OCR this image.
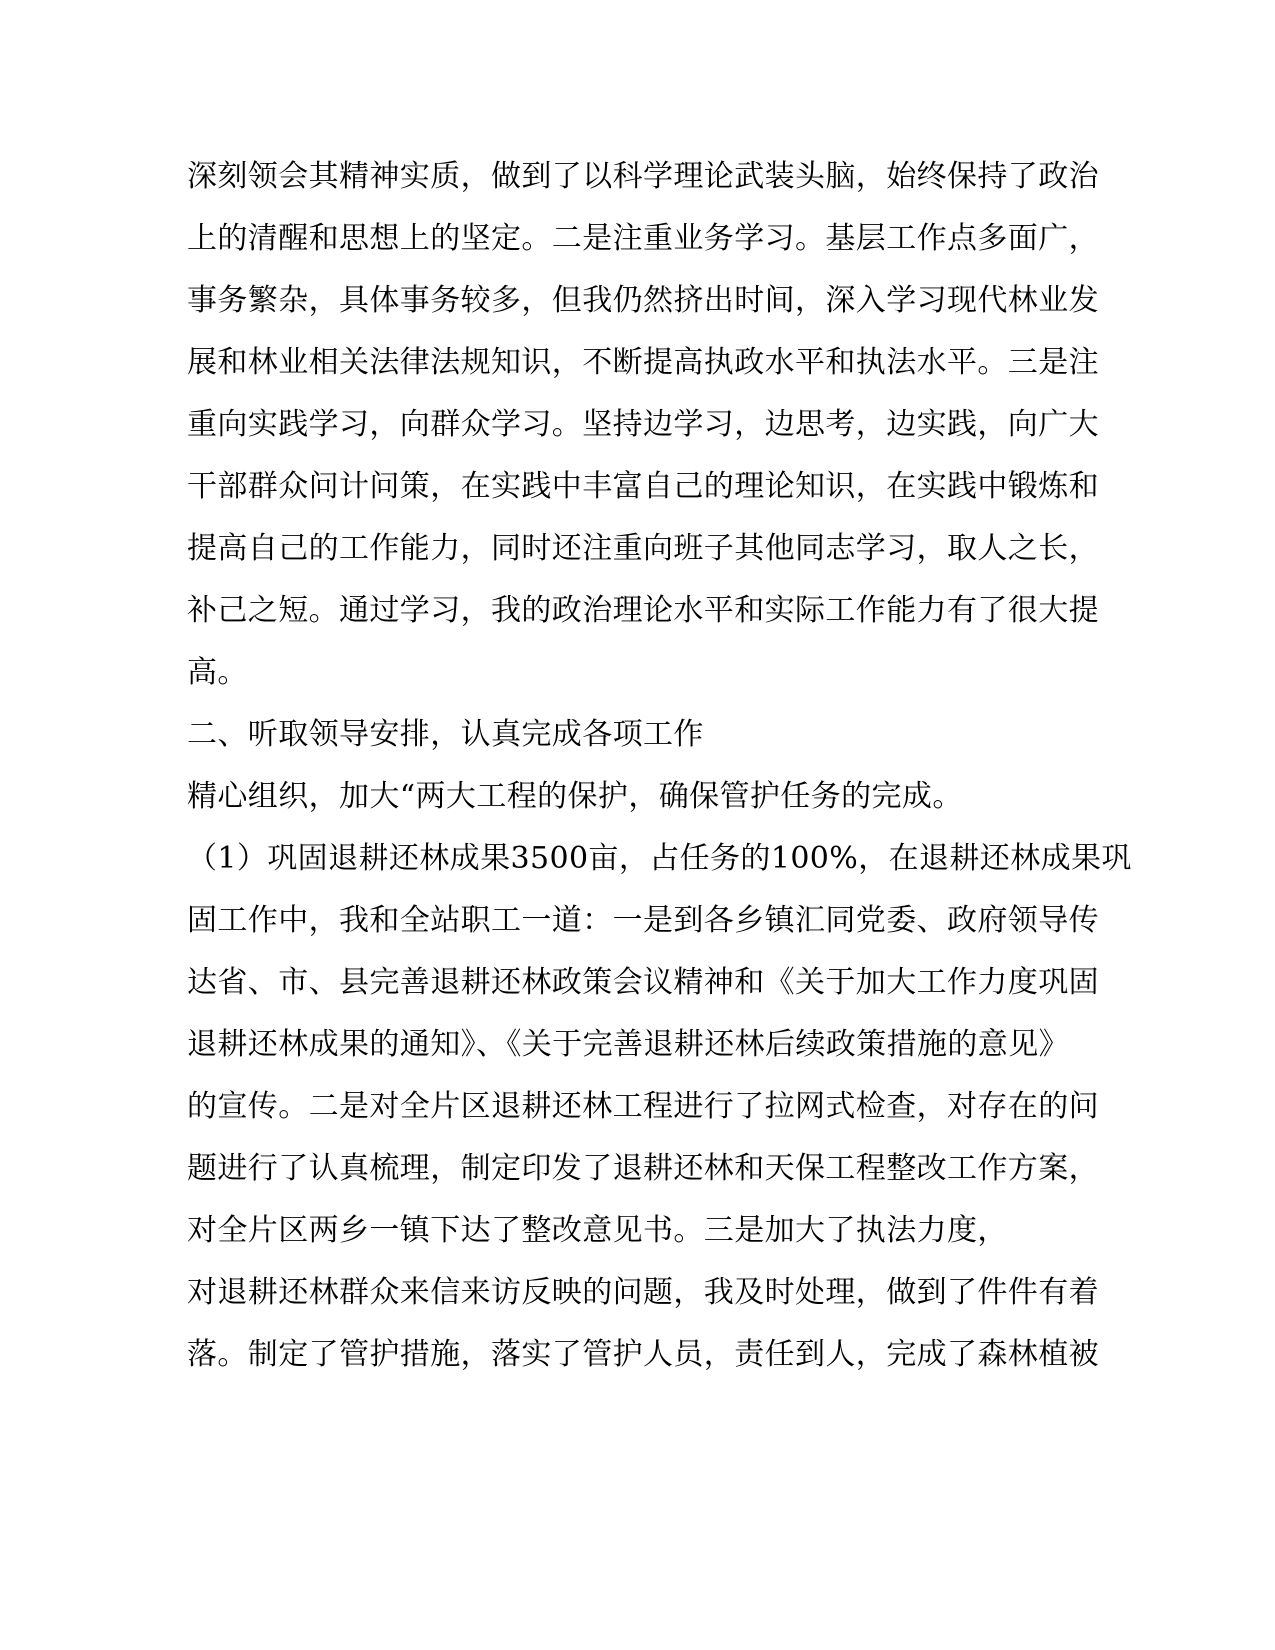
深刻领会其精神实质，做到了以科学理论武装头脑，始终保持了政治
上的清醒和思想上的坚定。二是注重业务学习。基层工作点多面广，
事务繁杂，具体事务较多，但我仍然挤出时间，深入学习现代林业发
展和林业相关法律法规知识，不断提高执政水平和执法水平。三是注
重向实践学习，向群众学习。坚持边学习，边思考，边实践，向广大
干部群众问计问策，在实践中丰富自己的理论知识，在实践中锻炼和
提高自己的工作能力，同时还注重向班子其他同志学习，取人之长，
补己之短。通过学习，我的政治理论水平和实际工作能力有了很大提
高。
二、听取领导安排，认真完成各项工作
精心组织，加大“两大工程的保护，确保管护任务的完成。
（1）巩固退耕还林成果3500亩，占任务的100%，在退耕还林成果巩
固工作中，我和全站职工一道：一是到各乡镇汇同党委、政府领导传
达省、市、县完善退耕还林政策会议精神和《关于加大工作力度巩固
退耕还林成果的通知》、《关于完善退耕还林后续政策措施的意见》
的宣传。二是对全片区退耕还林工程进行了拉网式检查，对存在的问
题进行了认真梳理，制定印发了退耕还林和天保工程整改工作方案，
对全片区两乡一镇下达了整改意见书。三是加大了执法力度，
对退耕还林群众来信来访反映的问题，我及时处理，做到了件件有着
落。制定了管护措施，落实了管护人员，责任到人，完成了森林植被
